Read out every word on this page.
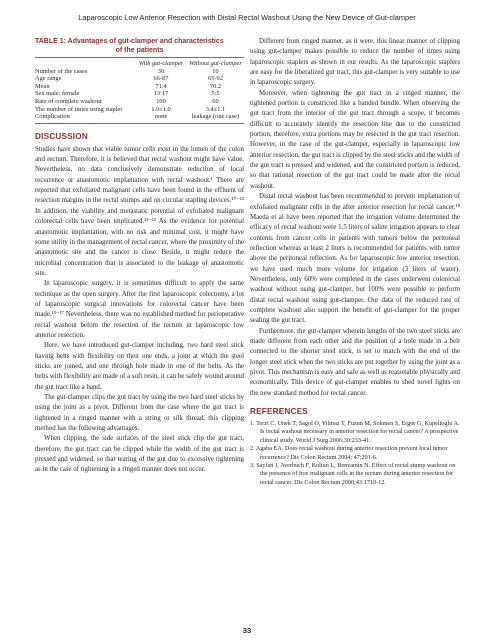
Laparoscopic Low Anterior Resection with Distal Rectal Washout Using the New Device of Gut-clamper
TABLE 1: Advantages of gut-clamper and characteristics
of the patients
	With gut-clamper	Without gut-clamper
Number of the cases	30	10
Age range	66-87	65-92
Mean	71.4	70.2
Sex male: female	13:17	5:5
Rate of complete washout	100	60
The number of times using stapler	1.9±1.0	3.4±1.1
Complication	none	leakage (one case)
DISCUSSION

Studies have shown that viable tumor cells exist in the lumen of the colon and rectum. Therefore, it is believed that rectal washout might have value. Nevertheless, no data conclusively demonstrate reduction of local recurrence or anastomotic implantation with rectal washout.¹ There are reported that exfoliated malignant cells have been found in the effluent of resection margins in the rectal stumps and on circular stapling devices.¹⁰⁻¹² In addition, the viability and metastatic potential of exfoliated malignant colorectal cells have been implicated.¹¹⁻¹² As the evidence for potential anastomotic implantation, with no risk and minimal cost, it might have some utility in the management of rectal cancer, where the proximity of the anastomotic site and the cancer is close. Beside, it might reduce the microbial concentration that is associated to the leakage of anastomotic site.

In laparoscopic surgery, it is sometimes difficult to apply the same technique as the open surgery. After the first laparoscopic colectomy, a lot of laparoscopic surgical innovations for colorectal cancer have been made.¹³⁻¹⁷ Nevertheless, there was no established method for perioperative rectal washout before the resection of the rectum in laparoscopic low anterior resection.

Here, we have introduced gut-clamper including, two hard steel stick having belts with flexibility on their one ends, a joint at which the steel sticks are joined, and one through hole made in one of the belts. As the belts with flexibility are made of a soft resin, it can be safely wound around the gut tract like a band.

The gut-clamper clips the gut tract by using the two hard steel sticks by using the joint as a pivot. Different from the case where the gut tract is tightened in a ringed manner with a string or silk thread, this clipping method has the following advantages.

When clipping, the side surfaces of the steel stick clip the gut tract, therefore, the gut tract can be clipped while the width of the gut tract is pressed and widened, so that tearing of the gut due to excessive tightening as in the case of tightening in a ringed manner does not occur.

Different from ringed manner, as it were, this linear manner of clipping using gut-clamper makes possible to reduce the number of times using laparoscopic staplers as shown in our results. As the laparoscopic staplers are easy for the liberalized gut tract, this gut-clamper is very suitable to use in laparoscopic surgery.

Moreover, when tightening the gut tract in a ringed manner, the tightened portion is constricted like a banded bundle. When observing the gut tract from the interior of the gut tract through a scope, it becomes difficult to accurately identify the resection line due to the constricted portion, therefore, extra portions may be resected in the gut tract resection. However, in the case of the gut-clamper, especially in laparoscopic low anterior resection, the gut tract is clipped by the steel sticks and the width of the gut tract is pressed and widened, and the constricted portion is reduced, so that rational resection of the gut tract could be made after the rectal washout.

Distal rectal washout has been recommended to prevent implantation of exfoliated malignant cells in the after anterior resection for rectal cancer.¹⁸ Maeda et al have been reported that the irrigation volume determined the efficacy of rectal washout were 1.5 liters of saline irrigation appears to clear contents from cancer cells in patients with tumors below the peritoneal reflection whereas at least 2 liters is recommended for patients with tumor above the peritoneal reflection. As for laparoscopic low anterior resection, we have used much more volume for irrigation (3 liters of water). Nevertheless, only 60% were completed in the cases underwent colorectal washout without using gut-clamper, but 100% were possible to perform distal rectal washout using gut-clamper. Our data of the reduced rate of complete washout also support the benefit of gut-clamper for the proper sealing the gut tract.

Furthermore, the gut-clamper wherein lengths of the two steel sticks are made different from each other and the position of a hole made in a belt connected to the shorter steel stick, is set to match with the end of the longer steel stick when the two sticks are put together by using the joint as a pivot. This mechanism is easy and safe as well as reasonable physically and economically. This device of gut-clamper enables to shed novel lights on the new standard method for rectal cancer.

REFERENCES
1. Terzi C, Unek T, Sagol O, Yilmaz T, Fuzun M, Sokmen S, Ergor G, Kupelioglu A. Is rectal washout necessary in anterior resection for rectal cancer? A prospective clinical study. World J Surg 2006;30:233-41.
2. Agaba EA. Does rectal washout during anterior resection prevent local tumor recurrence? Dis Colon Rectum 2004; 47:291-6.
3. Sayfan J, Averbuch F, Koltun L, Benyamin N. Effect of rectal stump washout on the presence of free malignant cells in the rectum during anterior resection for rectal cancer. Dis Colon Rectum 2000;43:1710-12.
33
